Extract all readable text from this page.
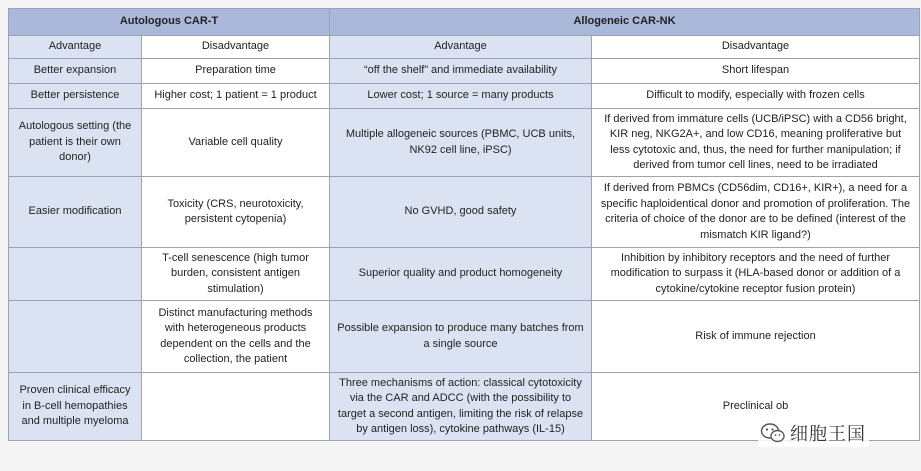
Autologous CAR-T		Allogeneic CAR-NK	
Advantage	Disadvantage	Advantage	Disadvantage
Better expansion	Preparation time	“off the shelf” and immediate availability	Short lifespan
Better persistence	Higher cost; 1 patient = 1 product	Lower cost; 1 source = many products	Difficult to modify, especially with frozen cells
Autologous setting (the patient is their own donor)	Variable cell quality	Multiple allogeneic sources (PBMC, UCB units, NK92 cell line, iPSC)	If derived from immature cells (UCB/iPSC) with a CD56 bright, KIR neg, NKG2A+, and low CD16, meaning proliferative but less cytotoxic and, thus, the need for further manipulation; if derived from tumor cell lines, need to be irradiated
Easier modification	Toxicity (CRS, neurotoxicity, persistent cytopenia)	No GVHD, good safety	If derived from PBMCs (CD56dim, CD16+, KIR+), a need for a specific haploidentical donor and promotion of proliferation. The criteria of choice of the donor are to be defined (interest of the mismatch KIR ligand?)
	T-cell senescence (high tumor burden, consistent antigen stimulation)	Superior quality and product homogeneity	Inhibition by inhibitory receptors and the need of further modification to surpass it (HLA-based donor or addition of a cytokine/cytokine receptor fusion protein)
	Distinct manufacturing methods with heterogeneous products dependent on the cells and the collection, the patient	Possible expansion to produce many batches from a single source	Risk of immune rejection
Proven clinical efficacy in B-cell hemopathies and multiple myeloma		Three mechanisms of action: classical cytotoxicity via the CAR and ADCC (with the possibility to target a second antigen, limiting the risk of relapse by antigen loss), cytokine pathways (IL-15)	Preclinical ob
细胞王国
